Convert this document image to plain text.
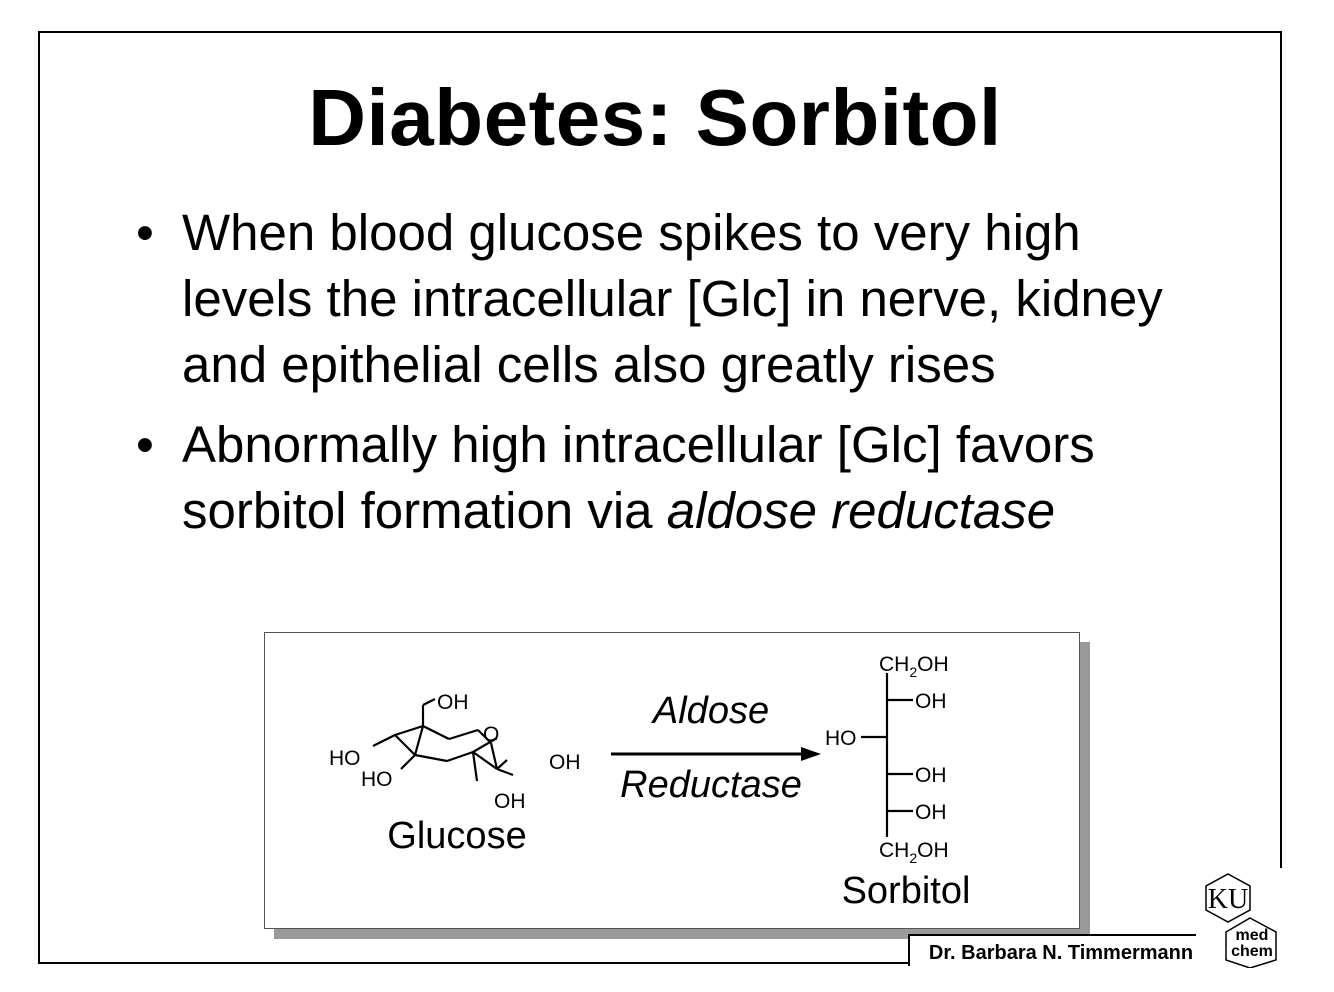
Diabetes: Sorbitol
• When blood glucose spikes to very high levels the intracellular [Glc] in nerve, kidney and epithelial cells also greatly rises
• Abnormally high intracellular [Glc] favors sorbitol formation via aldose reductase
OH
O
OH
OH
HO
HO
$CH_2OH$
OH
HO
OH
OH
$CH_2OH$
Glucose
Aldose
Reductase
Sorbitol
Dr. Barbara N. Timmermann
KU
med
chem
